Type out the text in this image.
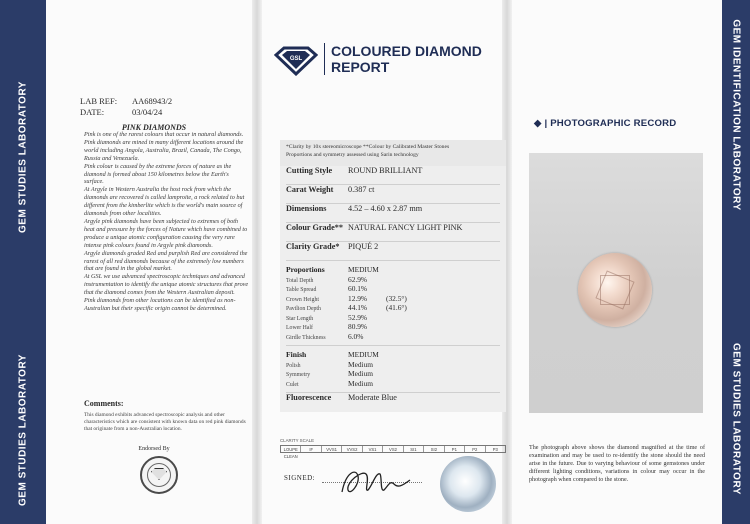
GEM STUDIES LABORATORY
GEM STUDIES LABORATORY
LAB REF:	AA68943/2
DATE:	03/04/24
PINK DIAMONDS

Pink is one of the rarest colours that occur in natural diamonds.

Pink diamonds are mined in many different locations around the world including Angola, Australia, Brazil, Canada, The Congo, Russia and Venezuela.

Pink colour is caused by the extreme forces of nature as the diamond is formed about 150 kilometres below the Earth's surface.

At Argyle in Western Australia the host rock from which the diamonds are recovered is called lamproite, a rock related to but different from the kimberlite which is the world's main source of diamonds from other localities.

Argyle pink diamonds have been subjected to extremes of both heat and pressure by the forces of Nature which have combined to produce a unique atomic configuration causing the very rare intense pink colours found in Argyle pink diamonds.

Argyle diamonds graded Red and purplish Red are considered the rarest of all red diamonds because of the extremely low numbers that are found in the global market.

At GSL we use advanced spectroscopic techniques and advanced instrumentation to identify the unique atomic structures that prove that the diamond comes from the Western Australian deposit.

Pink diamonds from other locations can be identified as non-Australian but their specific origin cannot be determined.

Comments:
This diamond exhibits advanced spectroscopic analysis and other characteristics which are consistent with known data on red pink diamonds that originate from a non-Australian location.
Endorsed By
GSL COLOURED DIAMOND
REPORT
*Clarity by 10x stereomicroscope **Colour by Calibrated Master Stones
Proportions and symmetry assessed using Sarin technology
Cutting Style	ROUND BRILLIANT
Carat Weight	0.387 ct
Dimensions	4.52 – 4.60 x 2.87 mm
Colour Grade** NATURAL FANCY LIGHT PINK
Clarity Grade*	PIQUÉ 2
Proportions	MEDIUM
Total Depth	62.9%
Table Spread	60.1%
Crown Height	12.9%	(32.5°)
Pavilion Depth	44.1%	(41.6°)
Star Length	52.9%
Lower Half	80.9%
Girdle Thickness	6.0%
Finish	MEDIUM
Polish	Medium
Symmetry	Medium
Culet	Medium
Fluorescence	Moderate Blue
CLARITY SCALE
LOUPE CLEAN
IF	VVS1	VVS2	VS1	VS2	SI1	SI2	P1	P2	P3
SIGNED:
◆ | PHOTOGRAPHIC RECORD
The photograph above shows the diamond magnified at the time of examination and may be used to re-identify the stone should the need arise in the future. Due to varying behaviour of some gemstones under different lighting conditions, variations in colour may occur in the photograph when compared to the stone.
GEM IDENTIFICATION LABORATORY
GEM STUDIES LABORATORY
